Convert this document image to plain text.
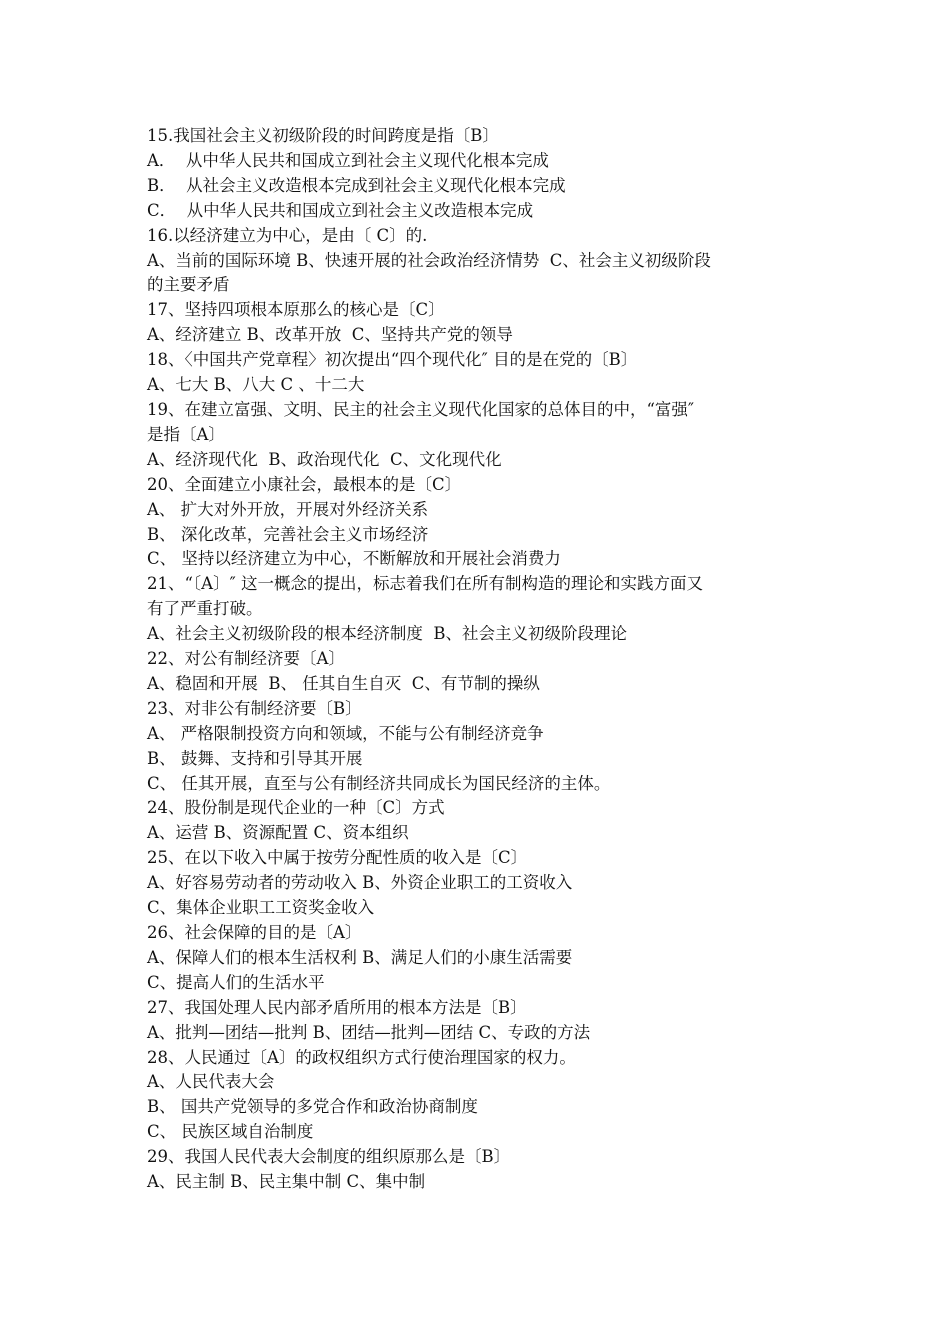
15.我国社会主义初级阶段的时间跨度是指〔B〕

A．  从中华人民共和国成立到社会主义现代化根本完成

B．  从社会主义改造根本完成到社会主义现代化根本完成

C．  从中华人民共和国成立到社会主义改造根本完成

16.以经济建立为中心，是由〔 C〕的.

A、当前的国际环境 B、快速开展的社会政治经济情势  C、社会主义初级阶段

的主要矛盾

17、坚持四项根本原那么的核心是〔C〕

A、经济建立 B、改革开放  C、坚持共产党的领导

18、〈中国共产党章程〉初次提出“四个现代化″ 目的是在党的〔B〕

A、七大 B、八大 C 、十二大

19、在建立富强、文明、民主的社会主义现代化国家的总体目的中，“富强″

是指〔A〕

A、经济现代化  B、政治现代化  C、文化现代化

20、全面建立小康社会，最根本的是〔C〕

A、 扩大对外开放，开展对外经济关系

B、 深化改革，完善社会主义市场经济

C、 坚持以经济建立为中心，不断解放和开展社会消费力

21、“〔A〕″ 这一概念的提出，标志着我们在所有制构造的理论和实践方面又

有了严重打破。

A、社会主义初级阶段的根本经济制度  B、社会主义初级阶段理论

22、对公有制经济要〔A〕

A、稳固和开展  B、 任其自生自灭  C、有节制的操纵

23、对非公有制经济要〔B〕

A、 严格限制投资方向和领域，不能与公有制经济竞争

B、 鼓舞、支持和引导其开展

C、 任其开展，直至与公有制经济共同成长为国民经济的主体。

24、股份制是现代企业的一种〔C〕方式

A、运营 B、资源配置 C、资本组织

25、在以下收入中属于按劳分配性质的收入是〔C〕

A、好容易劳动者的劳动收入 B、外资企业职工的工资收入

C、集体企业职工工资奖金收入

26、社会保障的目的是〔A〕

A、保障人们的根本生活权利 B、满足人们的小康生活需要

C、提高人们的生活水平

27、我国处理人民内部矛盾所用的根本方法是〔B〕

A、批判—团结—批判 B、团结—批判—团结 C、专政的方法

28、人民通过〔A〕的政权组织方式行使治理国家的权力。

A、人民代表大会

B、 国共产党领导的多党合作和政治协商制度

C、 民族区域自治制度

29、我国人民代表大会制度的组织原那么是〔B〕

A、民主制 B、民主集中制 C、集中制
